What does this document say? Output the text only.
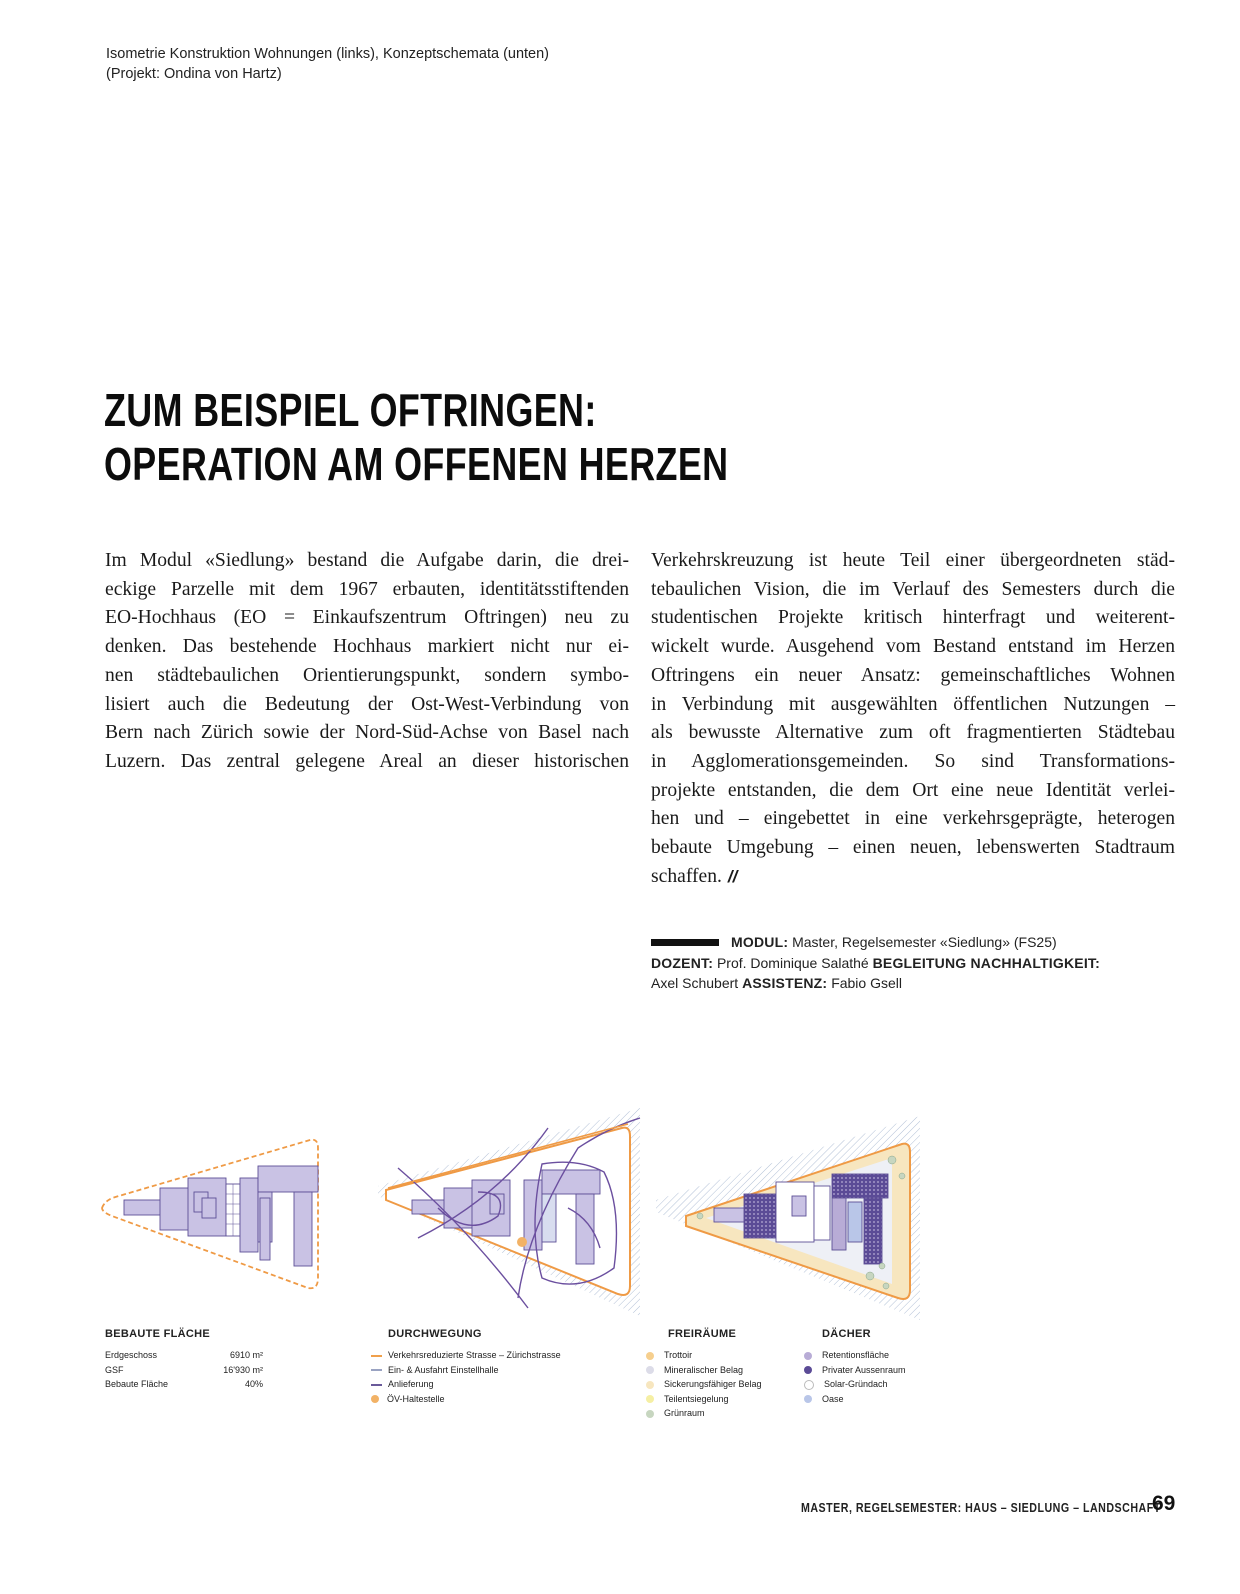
Isometrie Konstruktion Wohnungen (links), Konzeptschemata (unten)
(Projekt: Ondina von Hartz)
ZUM BEISPIEL OFTRINGEN:
OPERATION AM OFFENEN HERZEN
Im Modul «Siedlung» bestand die Aufgabe darin, die drei-
eckige Parzelle mit dem 1967 erbauten, identitätsstiftenden
EO-Hochhaus (EO = Einkaufszentrum Oftringen) neu zu
denken. Das bestehende Hochhaus markiert nicht nur ei-
nen städtebaulichen Orientierungspunkt, sondern symbo-
lisiert auch die Bedeutung der Ost-West-Verbindung von
Bern nach Zürich sowie der Nord-Süd-Achse von Basel nach
Luzern. Das zentral gelegene Areal an dieser historischen
Verkehrskreuzung ist heute Teil einer übergeordneten städ-
tebaulichen Vision, die im Verlauf des Semesters durch die
studentischen Projekte kritisch hinterfragt und weiterent-
wickelt wurde. Ausgehend vom Bestand entstand im Herzen
Oftringens ein neuer Ansatz: gemeinschaftliches Wohnen
in Verbindung mit ausgewählten öffentlichen Nutzungen –
als bewusste Alternative zum oft fragmentierten Städtebau
in Agglomerationsgemeinden. So sind Transformations-
projekte entstanden, die dem Ort eine neue Identität verlei-
hen und – eingebettet in eine verkehrsgeprägte, heterogen
bebaute Umgebung – einen neuen, lebenswerten Stadtraum
schaffen. //
MODUL: Master, Regelsemester «Siedlung» (FS25)
DOZENT: Prof. Dominique Salathé BEGLEITUNG NACHHALTIGKEIT:
Axel Schubert ASSISTENZ: Fabio Gsell
BEBAUTE FLÄCHE
Erdgeschoss	6910 m²
GSF	16'930 m²
Bebaute Fläche	40%
DURCHWEGUNG
Verkehrsreduzierte Strasse – Zürichstrasse
Ein- & Ausfahrt Einstellhalle
Anlieferung
ÖV-Haltestelle
FREIRÄUME
Trottoir
Mineralischer Belag
Sickerungsfähiger Belag
Teilentsiegelung
Grünraum
DÄCHER
Retentionsfläche
Privater Aussenraum
Solar-Gründach
Oase
MASTER, REGELSEMESTER: HAUS – SIEDLUNG – LANDSCHAFT
69
